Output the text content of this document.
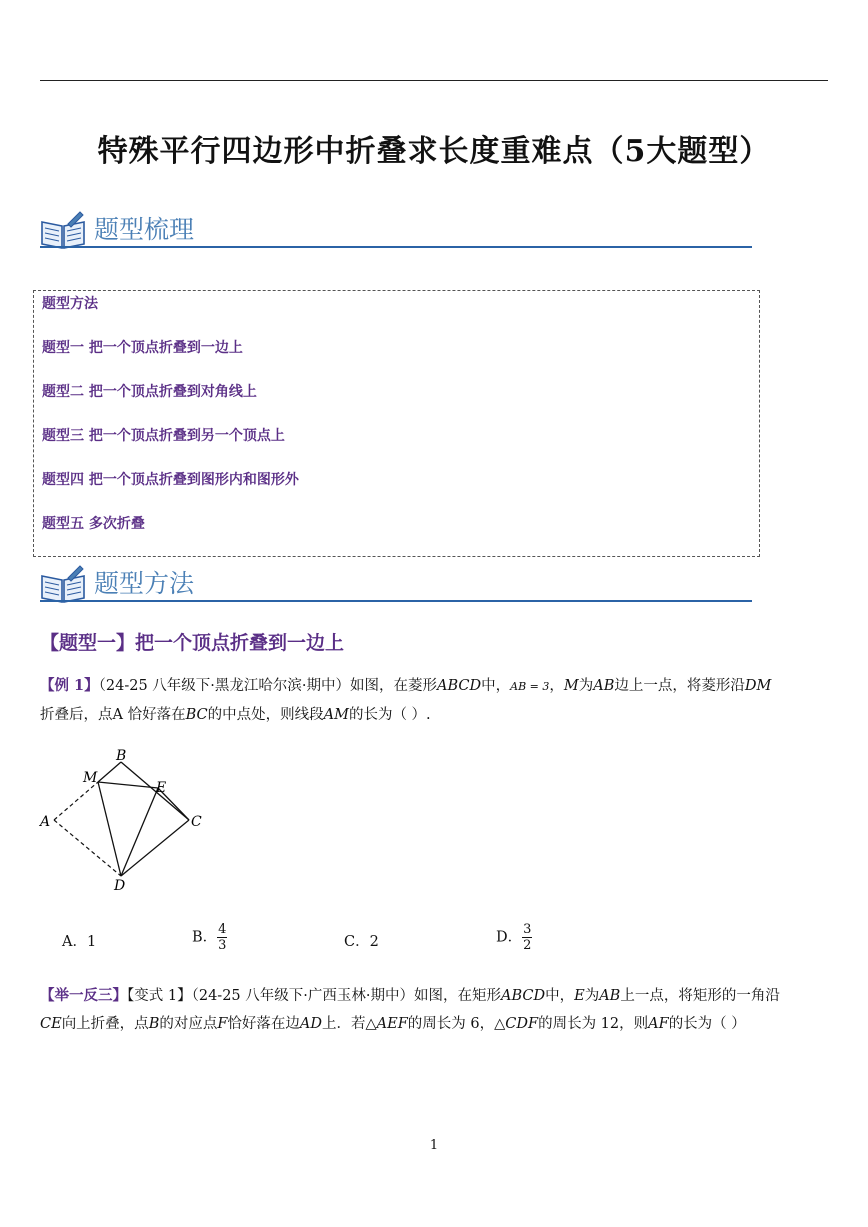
特殊平行四边形中折叠求长度重难点（5大题型）
题型梳理
题型方法
题型一 把一个顶点折叠到一边上
题型二 把一个顶点折叠到对角线上
题型三 把一个顶点折叠到另一个顶点上
题型四 把一个顶点折叠到图形内和图形外
题型五 多次折叠
题型方法
【题型一】把一个顶点折叠到一边上
【例 1】（24-25 八年级下·黑龙江哈尔滨·期中）如图，在菱形ABCD中，AB = 3，M为AB边上一点，将菱形沿DM
折叠后，点A 恰好落在BC的中点处，则线段AM的长为（ ）.
B
M
E
C
A
D
A．1	B． $\frac{4}{3}$	C．2	D． $\frac{3}{2}$
【举一反三】【变式 1】（24-25 八年级下·广西玉林·期中）如图，在矩形ABCD中，E为AB上一点，将矩形的一角沿
CE向上折叠，点B的对应点F恰好落在边AD上．若△AEF的周长为 6，△CDF的周长为 12，则AF的长为（ ）
1
